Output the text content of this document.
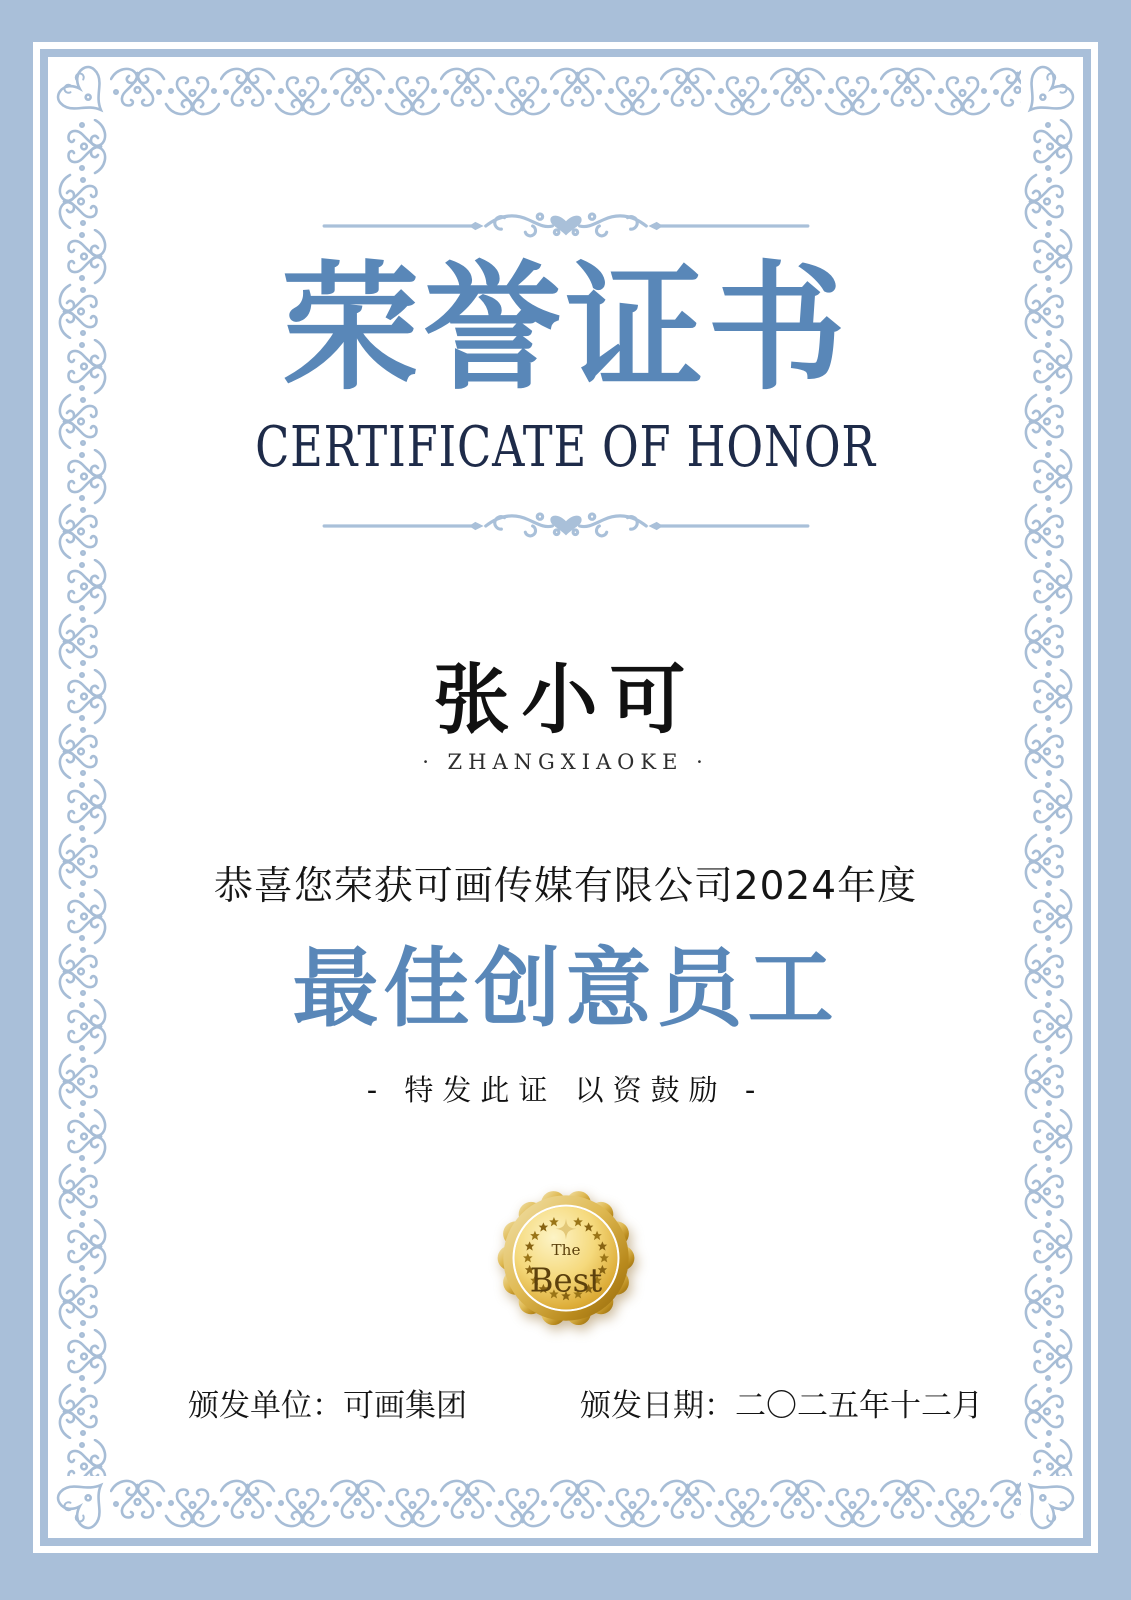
荣誉证书
CERTIFICATE OF HONOR
张小可
· ZHANGXIAOKE ·
恭喜您荣获可画传媒有限公司2024年度
最佳创意员工
- 特发此证 以资鼓励 -
The
Best
颁发单位：可画集团	颁发日期：二〇二五年十二月
